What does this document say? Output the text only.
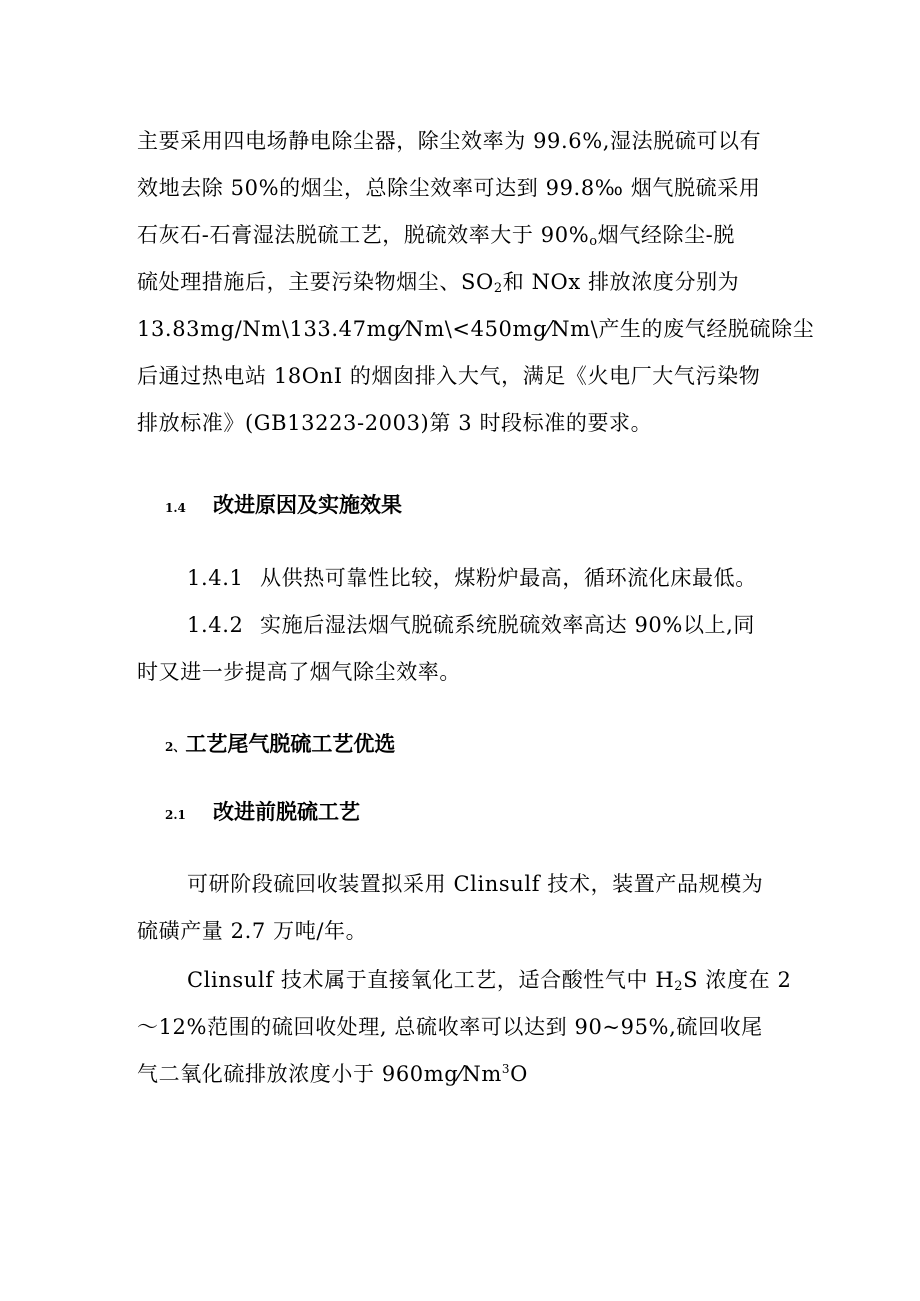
主要采用四电场静电除尘器，除尘效率为 99.6%,湿法脱硫可以有
效地去除 50%的烟尘，总除尘效率可达到 99.8‰ 烟气脱硫采用
石灰石-石膏湿法脱硫工艺，脱硫效率大于 $90\%_o$烟气经除尘-脱
硫处理措施后，主要污染物烟尘、$SO_2$和 NOx 排放浓度分别为
13.83mg/Nm\133.47mg⁄Nm\<450mg⁄Nm\产生的废气经脱硫除尘
后通过热电站 18OnI 的烟囱排入大气，满足《火电厂大气污染物
排放标准》(GB13223-2003)第 3 时段标准的要求。
1.4 改进原因及实施效果
1.4.1 从供热可靠性比较，煤粉炉最高，循环流化床最低。
1.4.2 实施后湿法烟气脱硫系统脱硫效率高达 90%以上,同
时又进一步提高了烟气除尘效率。
2、工艺尾气脱硫工艺优选
2.1 改进前脱硫工艺
可研阶段硫回收装置拟采用 Clinsulf 技术，装置产品规模为
硫磺产量 2.7 万吨/年。
Clinsulf 技术属于直接氧化工艺，适合酸性气中 $H_2S$ 浓度在 2
～12%范围的硫回收处理, 总硫收率可以达到 90~95%,硫回收尾
气二氧化硫排放浓度小于 960mg⁄Nm$^3$O
